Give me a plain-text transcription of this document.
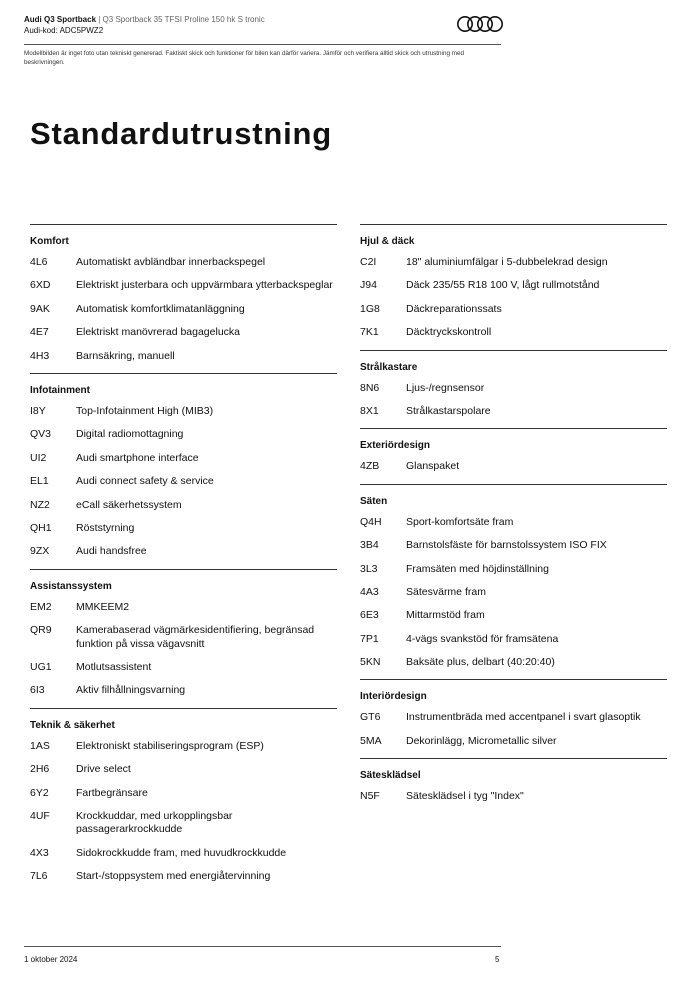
Audi Q3 Sportback | Q3 Sportback 35 TFSI Proline 150 hk S tronic
Audi-kod: ADC5PWZ2
Modellbilden är inget foto utan tekniskt genererad. Faktiskt skick och funktioner för bilen kan därför variera. Jämför och verifiera alltid skick och utrustning med beskrivningen.
Standardutrustning
Komfort
4L6	Automatiskt avbländbar innerbackspegel
6XD	Elektriskt justerbara och uppvärmbara ytterbackspeglar
9AK	Automatisk komfortklimatanläggning
4E7	Elektriskt manövrerad bagagelucka
4H3	Barnsäkring, manuell
Infotainment
I8Y	Top-Infotainment High (MIB3)
QV3	Digital radiomottagning
UI2	Audi smartphone interface
EL1	Audi connect safety & service
NZ2	eCall säkerhetssystem
QH1	Röststyrning
9ZX	Audi handsfree
Assistanssystem
EM2	MMKEEM2
QR9	Kamerabaserad vägmärkesidentifiering, begränsad funktion på vissa vägavsnitt
UG1	Motlutsassistent
6I3	Aktiv filhållningsvarning
Teknik & säkerhet
1AS	Elektroniskt stabiliseringsprogram (ESP)
2H6	Drive select
6Y2	Fartbegränsare
4UF	Krockkuddar, med urkopplingsbar passagerarkrockkudde
4X3	Sidokrockkudde fram, med huvudkrockkudde
7L6	Start-/stoppsystem med energiåtervinning
Hjul & däck
C2I	18" aluminiumfälgar i 5-dubbelekrad design
J94	Däck 235/55 R18 100 V, lågt rullmotstånd
1G8	Däckreparationssats
7K1	Däcktryckskontroll
Strålkastare
8N6	Ljus-/regnsensor
8X1	Strålkastarspolare
Exteriördesign
4ZB	Glanspaket
Säten
Q4H	Sport-komfortsäte fram
3B4	Barnstolsfäste för barnstolssystem ISO FIX
3L3	Framsäten med höjdinställning
4A3	Sätesvärme fram
6E3	Mittarmstöd fram
7P1	4-vägs svankstöd för framsätena
5KN	Baksäte plus, delbart (40:20:40)
Interiördesign
GT6	Instrumentbräda med accentpanel i svart glasoptik
5MA	Dekorinlägg, Micrometallic silver
Sätesklädsel
N5F	Sätesklädsel i tyg "Index"
1 oktober 2024	5
